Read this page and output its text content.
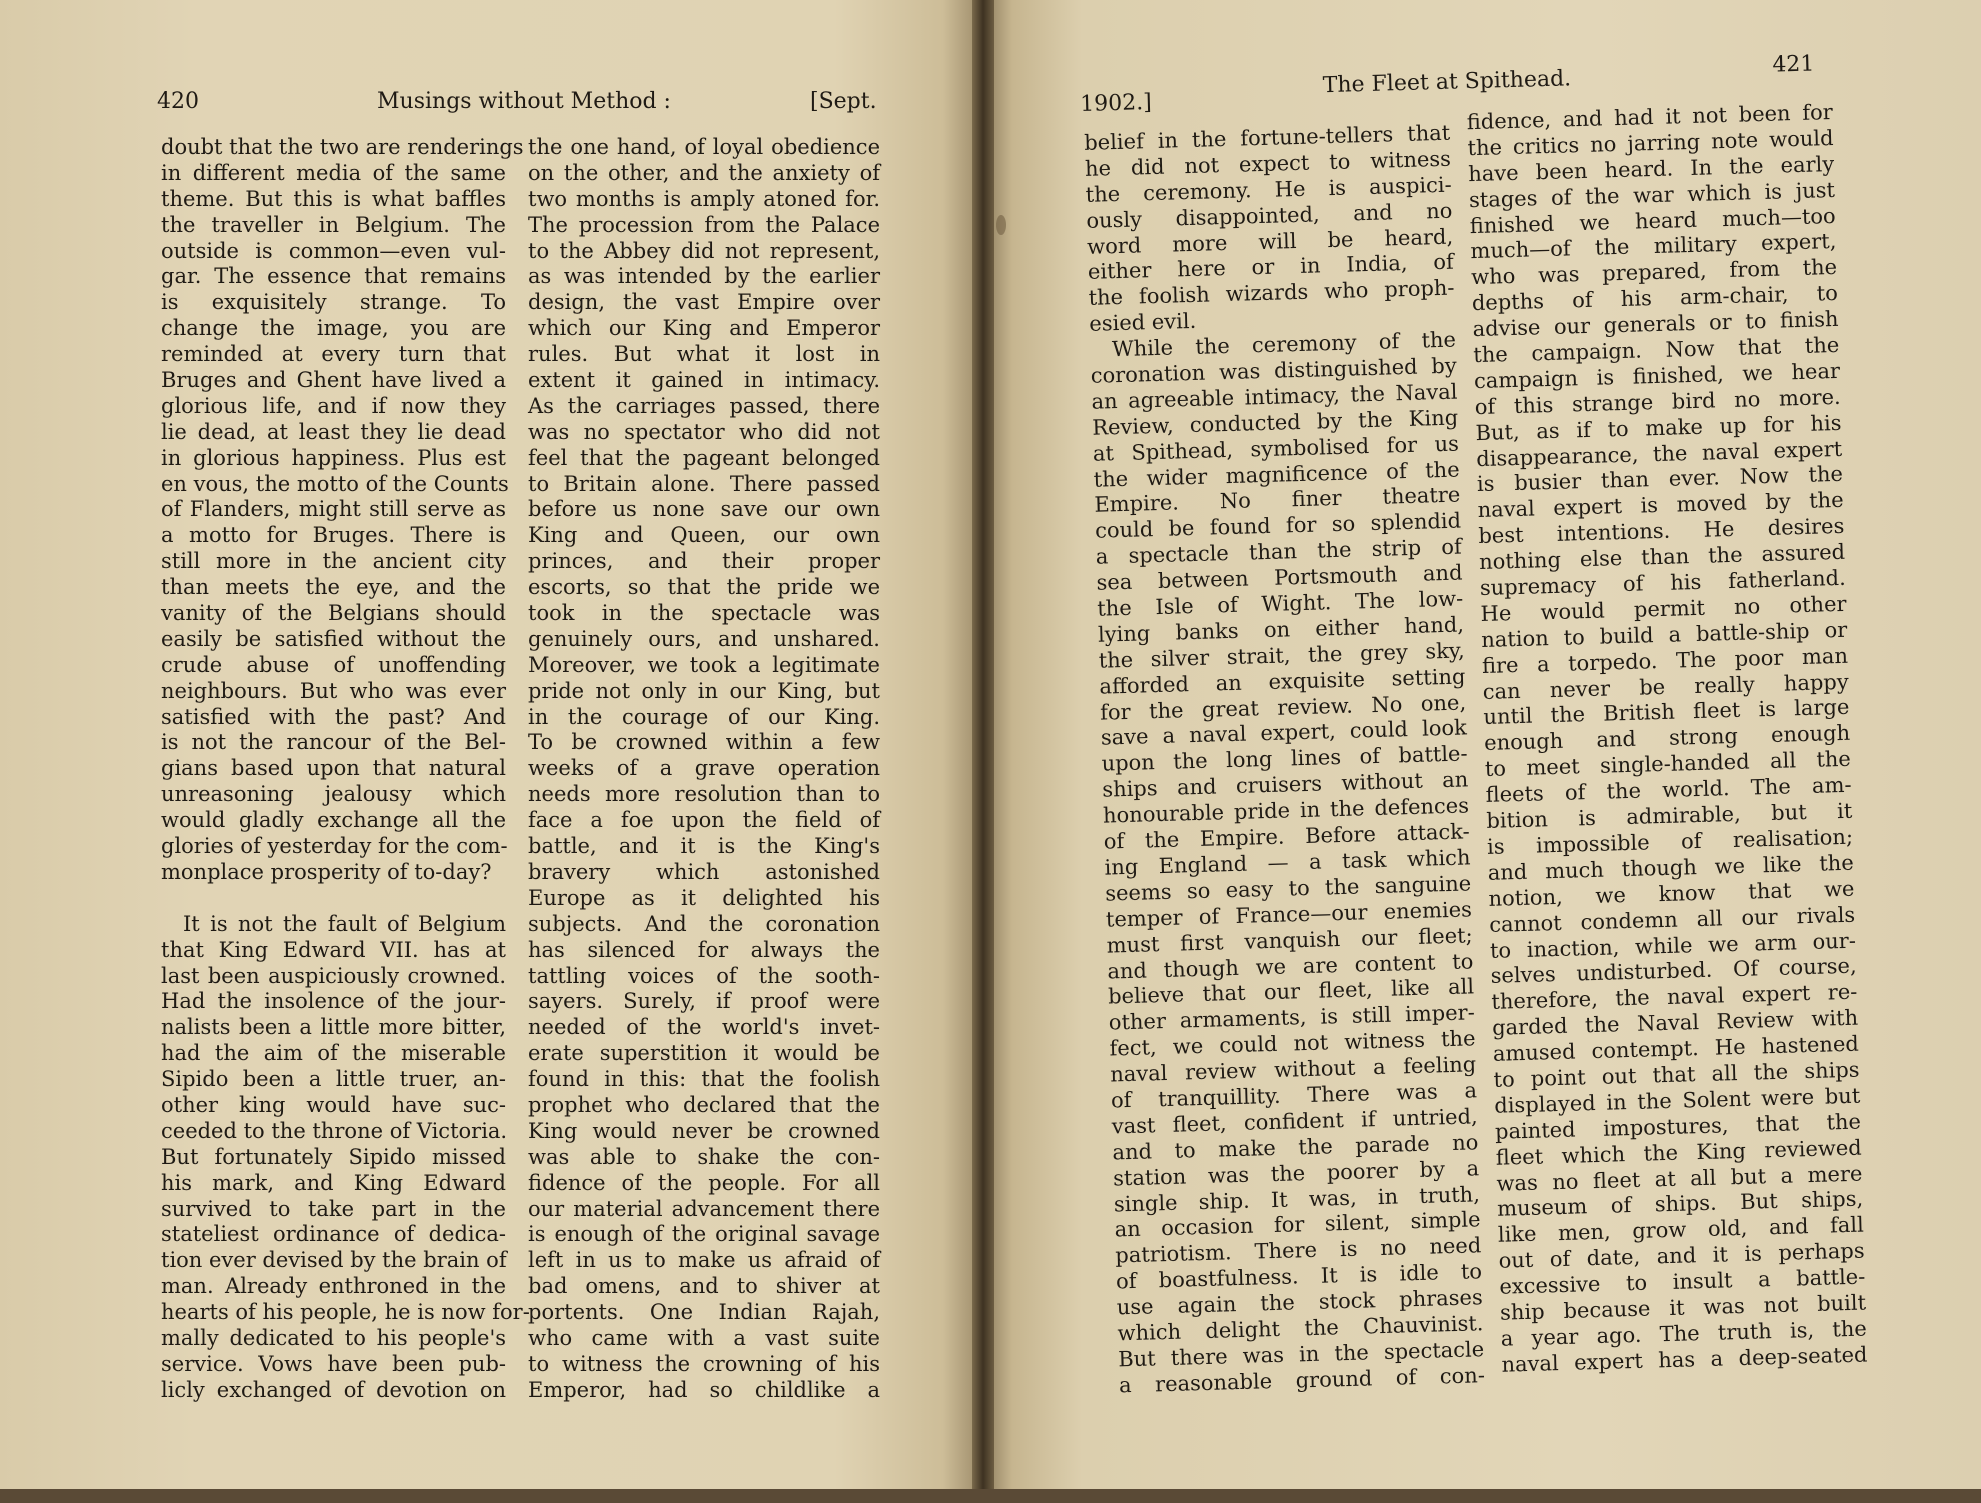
420	Musings without Method :	[Sept.
doubt that the two are renderings
in different media of the same
theme. But this is what baffles
the traveller in Belgium. The
outside is common—even vul-
gar. The essence that remains
is exquisitely strange. To
change the image, you are
reminded at every turn that
Bruges and Ghent have lived a
glorious life, and if now they
lie dead, at least they lie dead
in glorious happiness. Plus est
en vous, the motto of the Counts
of Flanders, might still serve as
a motto for Bruges. There is
still more in the ancient city
than meets the eye, and the
vanity of the Belgians should
easily be satisfied without the
crude abuse of unoffending
neighbours. But who was ever
satisfied with the past? And
is not the rancour of the Bel-
gians based upon that natural
unreasoning jealousy which
would gladly exchange all the
glories of yesterday for the com-
monplace prosperity of to-day?
It is not the fault of Belgium
that King Edward VII. has at
last been auspiciously crowned.
Had the insolence of the jour-
nalists been a little more bitter,
had the aim of the miserable
Sipido been a little truer, an-
other king would have suc-
ceeded to the throne of Victoria.
But fortunately Sipido missed
his mark, and King Edward
survived to take part in the
stateliest ordinance of dedica-
tion ever devised by the brain of
man. Already enthroned in the
hearts of his people, he is now for-
mally dedicated to his people's
service. Vows have been pub-
licly exchanged of devotion on
the one hand, of loyal obedience
on the other, and the anxiety of
two months is amply atoned for.
The procession from the Palace
to the Abbey did not represent,
as was intended by the earlier
design, the vast Empire over
which our King and Emperor
rules. But what it lost in
extent it gained in intimacy.
As the carriages passed, there
was no spectator who did not
feel that the pageant belonged
to Britain alone. There passed
before us none save our own
King and Queen, our own
princes, and their proper
escorts, so that the pride we
took in the spectacle was
genuinely ours, and unshared.
Moreover, we took a legitimate
pride not only in our King, but
in the courage of our King.
To be crowned within a few
weeks of a grave operation
needs more resolution than to
face a foe upon the field of
battle, and it is the King's
bravery which astonished
Europe as it delighted his
subjects. And the coronation
has silenced for always the
tattling voices of the sooth-
sayers. Surely, if proof were
needed of the world's invet-
erate superstition it would be
found in this: that the foolish
prophet who declared that the
King would never be crowned
was able to shake the con-
fidence of the people. For all
our material advancement there
is enough of the original savage
left in us to make us afraid of
bad omens, and to shiver at
portents. One Indian Rajah,
who came with a vast suite
to witness the crowning of his
Emperor, had so childlike a
1902.]
The Fleet at Spithead.
421
belief in the fortune-tellers that
he did not expect to witness
the ceremony. He is auspici-
ously disappointed, and no
word more will be heard,
either here or in India, of
the foolish wizards who proph-
esied evil.
While the ceremony of the
coronation was distinguished by
an agreeable intimacy, the Naval
Review, conducted by the King
at Spithead, symbolised for us
the wider magnificence of the
Empire. No finer theatre
could be found for so splendid
a spectacle than the strip of
sea between Portsmouth and
the Isle of Wight. The low-
lying banks on either hand,
the silver strait, the grey sky,
afforded an exquisite setting
for the great review. No one,
save a naval expert, could look
upon the long lines of battle-
ships and cruisers without an
honourable pride in the defences
of the Empire. Before attack-
ing England — a task which
seems so easy to the sanguine
temper of France—our enemies
must first vanquish our fleet;
and though we are content to
believe that our fleet, like all
other armaments, is still imper-
fect, we could not witness the
naval review without a feeling
of tranquillity. There was a
vast fleet, confident if untried,
and to make the parade no
station was the poorer by a
single ship. It was, in truth,
an occasion for silent, simple
patriotism. There is no need
of boastfulness. It is idle to
use again the stock phrases
which delight the Chauvinist.
But there was in the spectacle
a reasonable ground of con-
fidence, and had it not been for
the critics no jarring note would
have been heard. In the early
stages of the war which is just
finished we heard much—too
much—of the military expert,
who was prepared, from the
depths of his arm-chair, to
advise our generals or to finish
the campaign. Now that the
campaign is finished, we hear
of this strange bird no more.
But, as if to make up for his
disappearance, the naval expert
is busier than ever. Now the
naval expert is moved by the
best intentions. He desires
nothing else than the assured
supremacy of his fatherland.
He would permit no other
nation to build a battle-ship or
fire a torpedo. The poor man
can never be really happy
until the British fleet is large
enough and strong enough
to meet single-handed all the
fleets of the world. The am-
bition is admirable, but it
is impossible of realisation;
and much though we like the
notion, we know that we
cannot condemn all our rivals
to inaction, while we arm our-
selves undisturbed. Of course,
therefore, the naval expert re-
garded the Naval Review with
amused contempt. He hastened
to point out that all the ships
displayed in the Solent were but
painted impostures, that the
fleet which the King reviewed
was no fleet at all but a mere
museum of ships. But ships,
like men, grow old, and fall
out of date, and it is perhaps
excessive to insult a battle-
ship because it was not built
a year ago. The truth is, the
naval expert has a deep-seated
